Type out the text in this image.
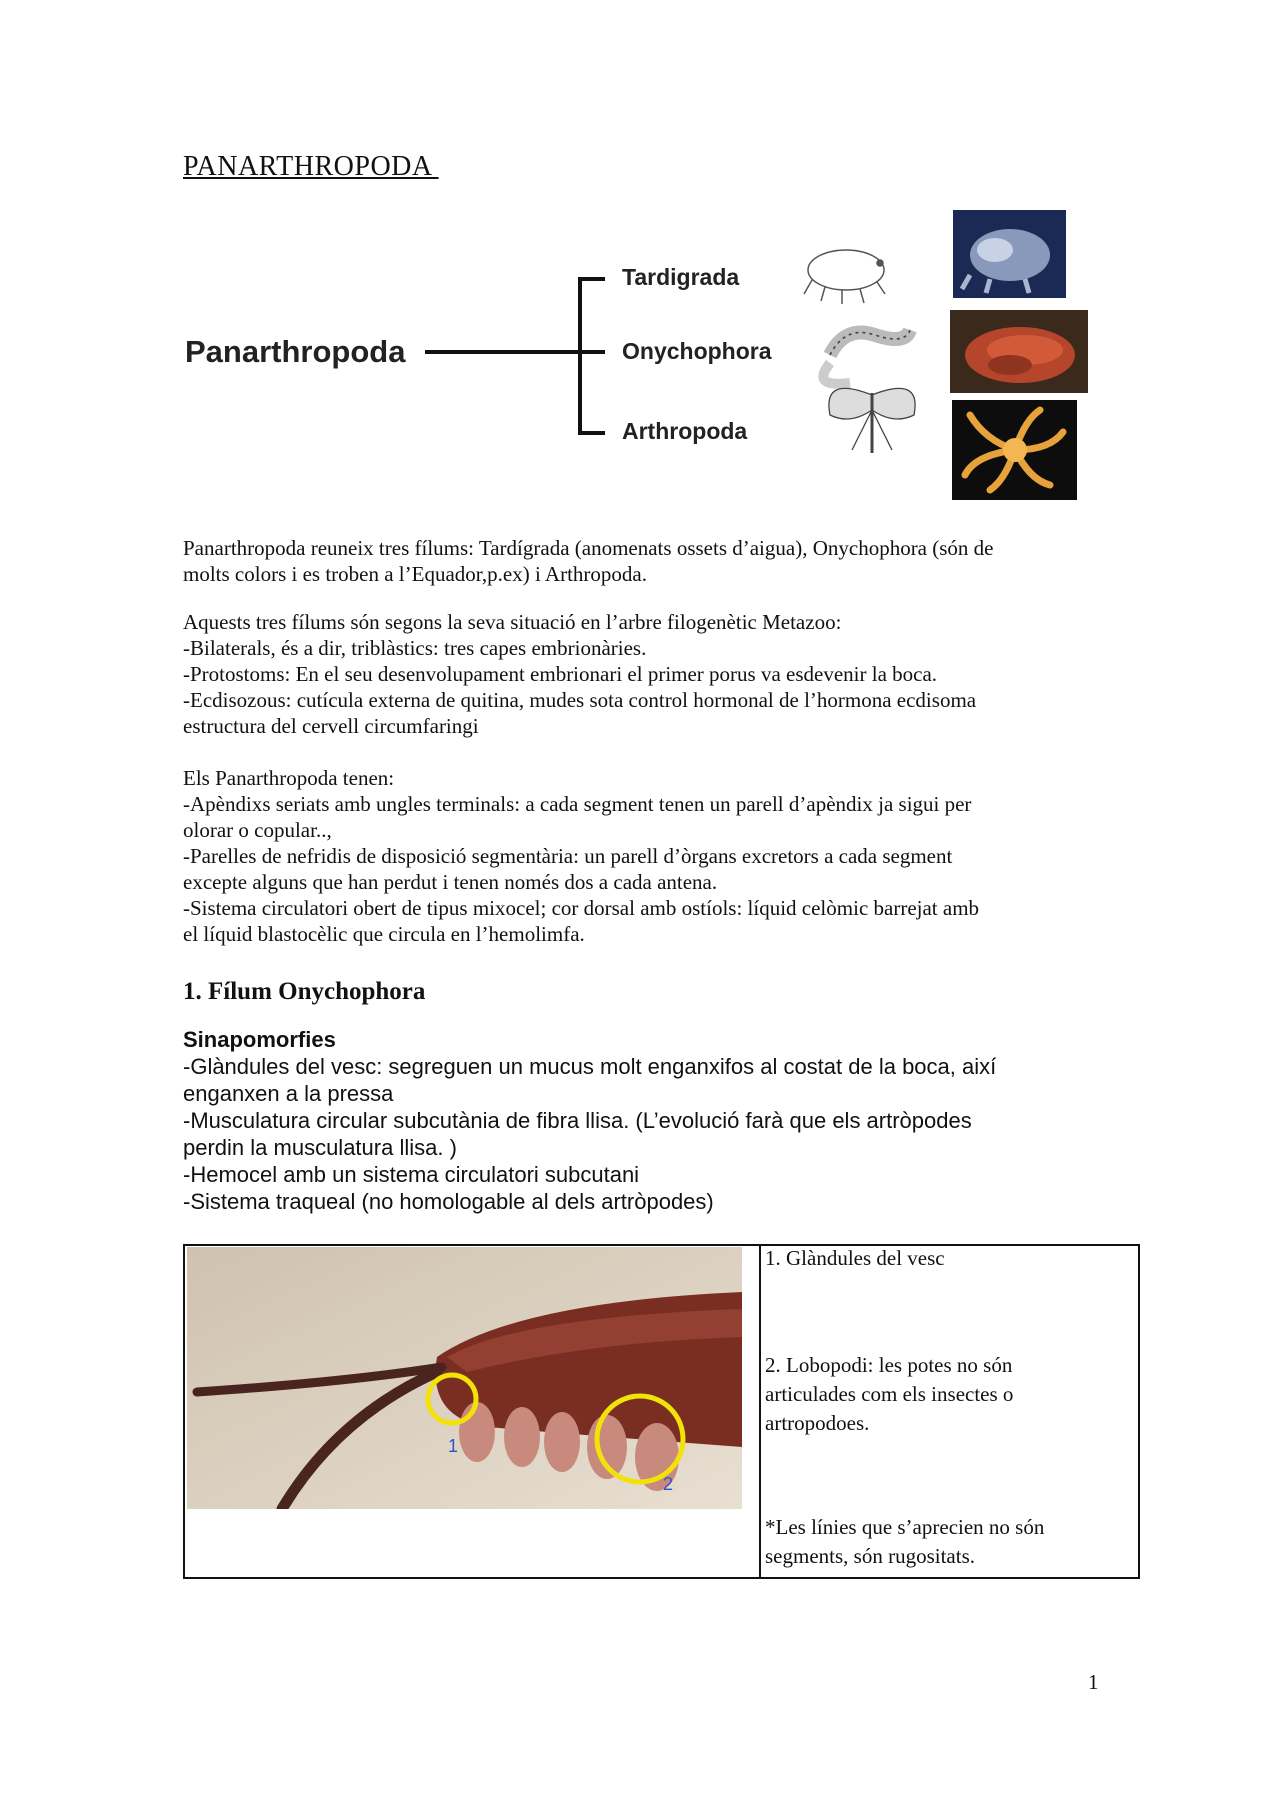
PANARTHROPODA
Panarthropoda
Tardigrada
Onychophora
Arthropoda
Panarthropoda reuneix tres fílums: Tardígrada (anomenats ossets d’aigua), Onychophora (són de
molts colors i es troben a l’Equador,p.ex) i Arthropoda.
Aquests tres fílums són segons la seva situació en l’arbre filogenètic Metazoo:
-Bilaterals, és a dir, triblàstics: tres capes embrionàries.
-Protostoms: En el seu desenvolupament embrionari el primer porus va esdevenir la boca.
-Ecdisozous: cutícula externa de quitina, mudes sota control hormonal de l’hormona ecdisoma
estructura del cervell circumfaringi
Els Panarthropoda tenen:
-Apèndixs seriats amb ungles terminals: a cada segment tenen un parell d’apèndix ja sigui per
olorar o copular..,
-Parelles de nefridis de disposició segmentària: un parell d’òrgans excretors a cada segment
excepte alguns que han perdut i tenen només dos a cada antena.
-Sistema circulatori obert de tipus mixocel; cor dorsal amb ostíols: líquid celòmic barrejat amb
el líquid blastocèlic que circula en l’hemolimfa.
1. Fílum Onychophora
Sinapomorfies
-Glàndules del vesc: segreguen un mucus molt enganxifos al costat de la boca, així
enganxen a la pressa
-Musculatura circular subcutània de fibra llisa. (L’evolució farà que els artròpodes
perdin la musculatura llisa. )
-Hemocel amb un sistema circulatori subcutani
-Sistema traqueal (no homologable al dels artròpodes)
1
2
1. Glàndules del vesc
2. Lobopodi: les potes no són
articulades com els insectes o
artropodoes.
*Les línies que s’aprecien no són
segments, són rugositats.
1
